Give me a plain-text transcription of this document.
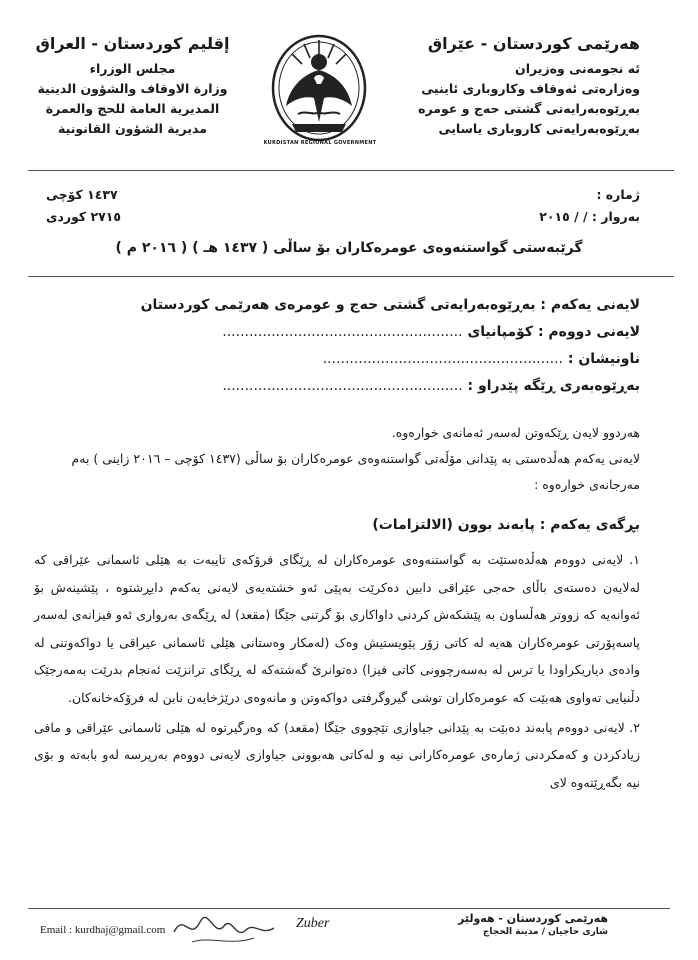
هەرێمی کوردستان - عێراق
ئه نجومه‌نی وەزیران
وەزارەتی ئەوقاف وکاروباری ئاینیی
بەڕێوەبەرایەتی گشتی حەج و عومرە
بەڕێوەبەرایەتی کاروباری یاسایی
KURDISTAN REGIONAL GOVERNMENT
إقليم كوردستان - العراق
مجلس الوزراء
وزارة الاوقاف والشؤون الدينية
المديرية العامة للحج والعمرة
مديرية الشؤون القانونية
ژمارە :
بەروار : / / ٢٠١٥
١٤٣٧ کۆچی
٢٧١٥ کوردی
گرێبەستی گواستنەوەی عومرەکاران بۆ ساڵی ( ١٤٣٧ هـ ) ( ٢٠١٦ م )
لایەنی یەکەم : بەڕێوەبەرایەتی گشتی حەج و عومرەی هەرێمی کوردستان
لایەنی دووەم : کۆمپانیای ......................................................
ناونیشان : ......................................................
بەڕێوەبەری ڕێگە پێدراو : ......................................................

هەردوو لایەن ڕێکەوتن لەسەر ئەمانەی خوارەوە.

لایەنی یەکەم هەڵدەستی بە پێدانی مۆڵەتی گواستنەوەی عومرەکاران بۆ ساڵی (١٤٣٧ کۆچی – ٢٠١٦ زاینی ) بەم مەرجانەی خوارەوە :

بڕگەی یەکەم : پابەند بوون (الالتزامات)

١. لایەنی دووەم هەڵدەستێت بە گواستنەوەی عومرەکاران لە ڕێگای فرۆکەی تایبەت بە هێلی ئاسمانی عێراقی کە لەلایەن دەستەی باڵای حەجی عێراقی دابین دەکرێت بەپێی ئەو خشتەیەی لایەنی یەکەم دایڕشتوە ، پێشینەش بۆ ئەوانەیە کە زووتر هەڵساون بە پێشکەش کردنی داواکاری بۆ گرتنی جێگا (مقعد) لە ڕێگەی بەرواری ئەو فیزانەی لەسەر پاسەپۆرتی عومرەکاران هەیە لە کاتی زۆر پێویستیش وەک (لەمکار وەستانی هێلی ئاسمانی عیراقی یا دواکەوتنی لە وادەی دیاریکراودا یا ترس لە بەسەرچوونی کاتی فیزا) دەتوانرێ گەشتەکە لە ڕێگای ترانزێت ئەنجام بدرێت بەمەرجێک دڵنیایی تەواوی هەبێت کە عومرەکاران توشی گیروگرفتی دواکەوتن و مانەوەی درێژخایەن نابن لە فرۆکەخانەکان.

٢. لایەنی دووەم پابەند دەبێت بە پێدانی جیاوازی تێچووی جێگا (مقعد) کە وەرگیرتوە لە هێلی ئاسمانی عێراقی و مافی زیادکردن و کەمکردنی ژمارەی عومرەکارانی نیە و لەکاتی هەبوونی جیاوازی لایەنی دووەم بەرپرسە لەو بابەتە و بۆی نیە بگەڕێتەوە لای

Email : kurdhaj@gmail.com	Zuber	هەرێمی کوردستان - هەولێر
شاری حاجیان / مدینة الحجاج
